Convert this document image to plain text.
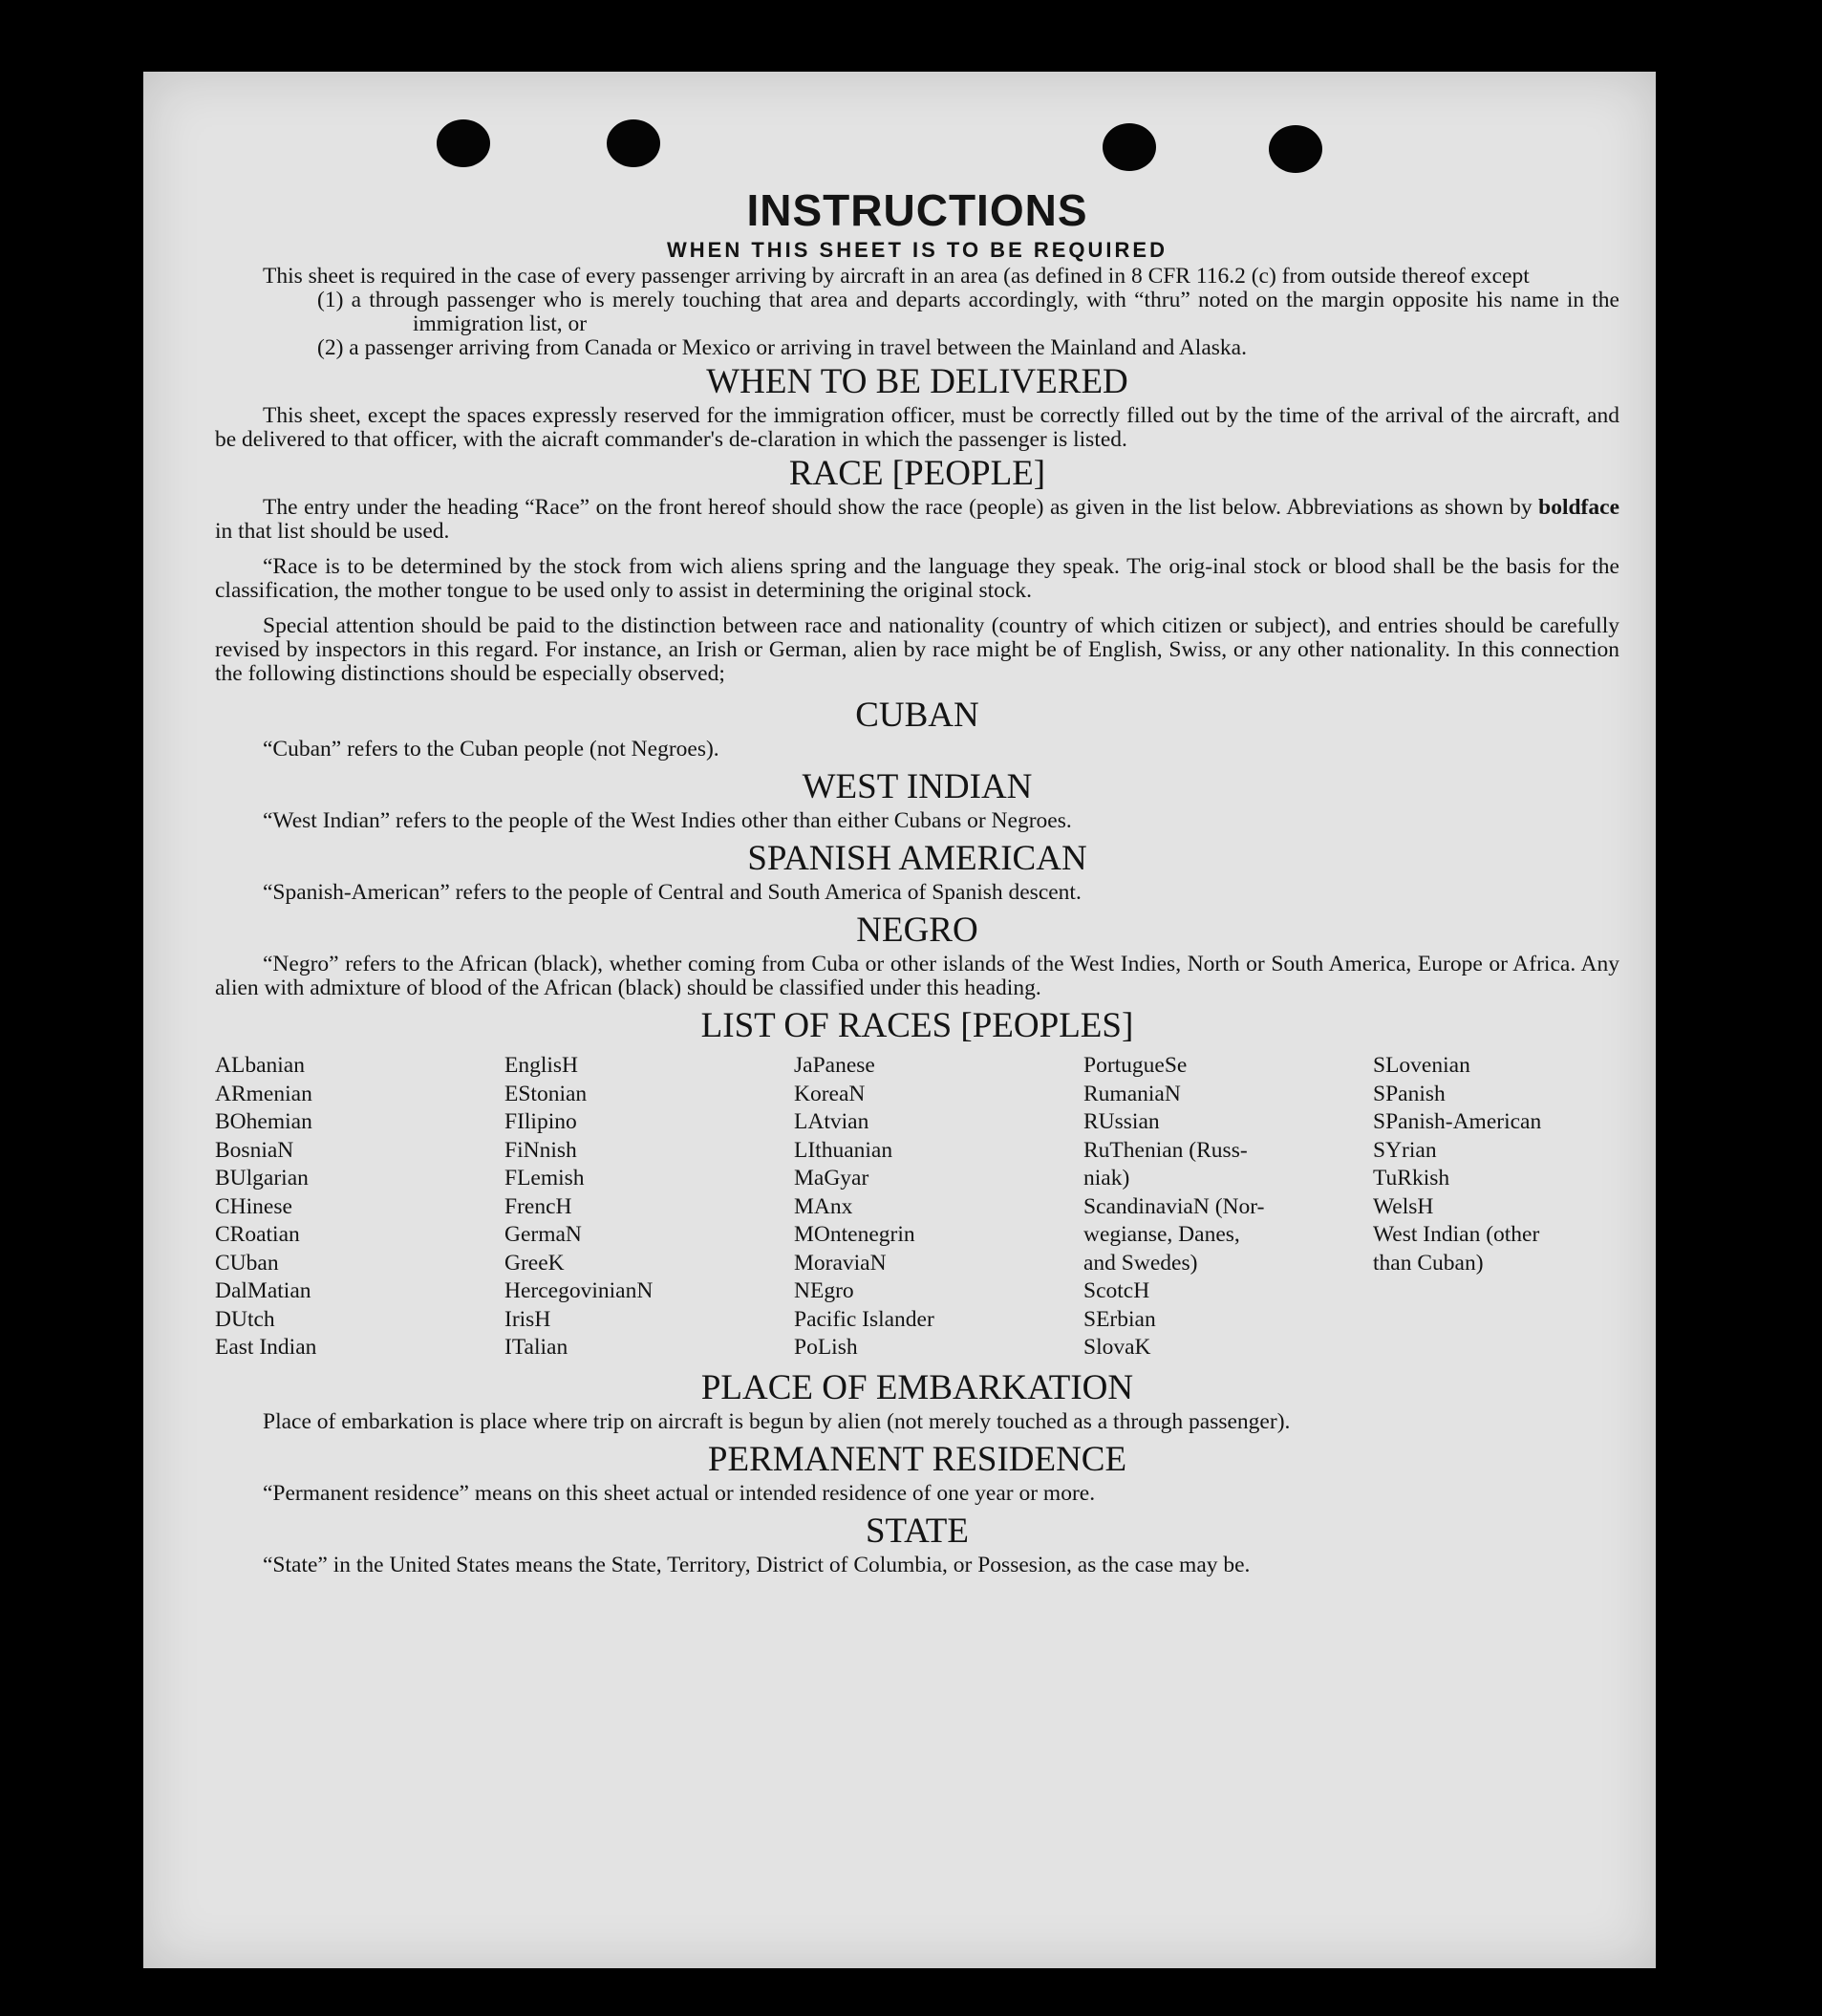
INSTRUCTIONS
WHEN THIS SHEET IS TO BE REQUIRED

This sheet is required in the case of every passenger arriving by aircraft in an area (as defined in 8 CFR 116.2 (c) from outside thereof except

(1) a through passenger who is merely touching that area and departs accordingly, with “thru” noted on the margin opposite his name in the immigration list, or

(2) a passenger arriving from Canada or Mexico or arriving in travel between the Mainland and Alaska.

WHEN TO BE DELIVERED

This sheet, except the spaces expressly reserved for the immigration officer, must be correctly filled out by the time of the arrival of the aircraft, and be delivered to that officer, with the aicraft commander's de-claration in which the passenger is listed.

RACE [PEOPLE]

The entry under the heading “Race” on the front hereof should show the race (people) as given in the list below. Abbreviations as shown by boldface in that list should be used.

“Race is to be determined by the stock from wich aliens spring and the language they speak. The orig-inal stock or blood shall be the basis for the classification, the mother tongue to be used only to assist in determining the original stock.

Special attention should be paid to the distinction between race and nationality (country of which citizen or subject), and entries should be carefully revised by inspectors in this regard. For instance, an Irish or German, alien by race might be of English, Swiss, or any other nationality. In this connection the following distinctions should be especially observed;

CUBAN

“Cuban” refers to the Cuban people (not Negroes).

WEST INDIAN

“West Indian” refers to the people of the West Indies other than either Cubans or Negroes.

SPANISH AMERICAN

“Spanish-American” refers to the people of Central and South America of Spanish descent.

NEGRO

“Negro” refers to the African (black), whether coming from Cuba or other islands of the West Indies, North or South America, Europe or Africa. Any alien with admixture of blood of the African (black) should be classified under this heading.

LIST OF RACES [PEOPLES]
ALbanian
ARmenian
BOhemian
BosniaN
BUlgarian
CHinese
CRoatian
CUban
DalMatian
DUtch
East Indian
EnglisH
EStonian
FIlipino
FiNnish
FLemish
FrencH
GermaN
GreeK
HercegovinianN
IrisH
ITalian
JaPanese
KoreaN
LAtvian
LIthuanian
MaGyar
MAnx
MOntenegrin
MoraviaN
NEgro
Pacific Islander
PoLish
PortugueSe
RumaniaN
RUssian
RuThenian (Russ-
niak)
ScandinaviaN (Nor-
wegianse, Danes,
and Swedes)
ScotcH
SErbian
SlovaK
SLovenian
SPanish
SPanish-American
SYrian
TuRkish
WelsH
West Indian (other
than Cuban)
PLACE OF EMBARKATION

Place of embarkation is place where trip on aircraft is begun by alien (not merely touched as a through passenger).

PERMANENT RESIDENCE

“Permanent residence” means on this sheet actual or intended residence of one year or more.

STATE

“State” in the United States means the State, Territory, District of Columbia, or Possesion, as the case may be.
